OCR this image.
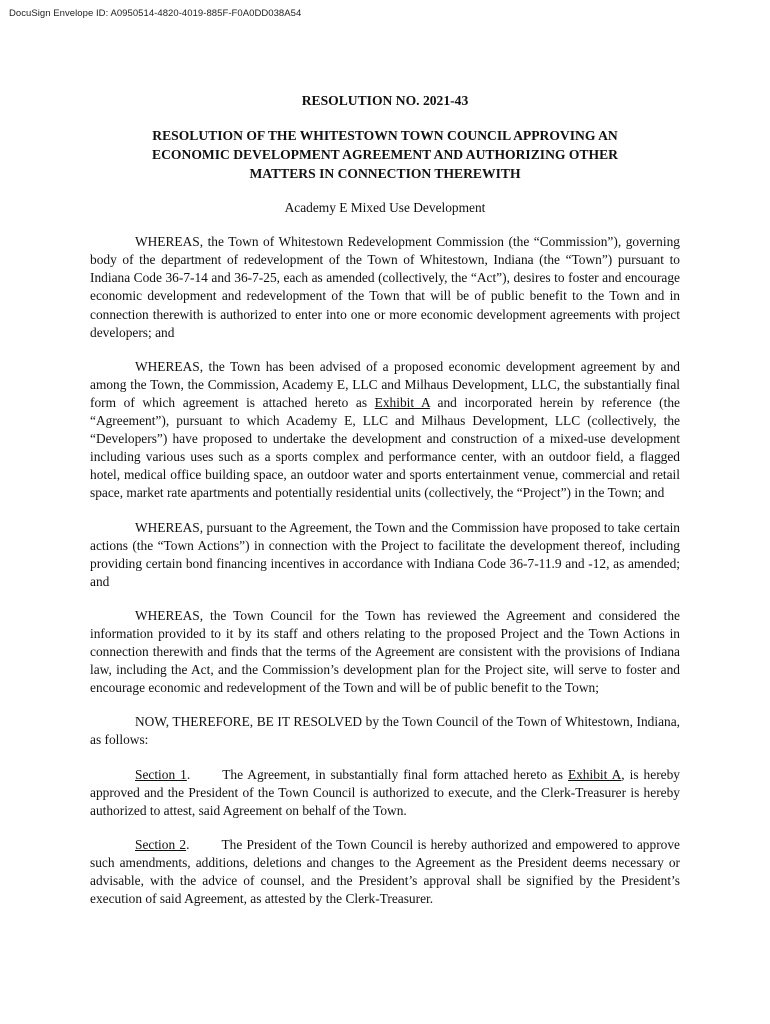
DocuSign Envelope ID: A0950514-4820-4019-885F-F0A0DD038A54
RESOLUTION NO. 2021-43
RESOLUTION OF THE WHITESTOWN TOWN COUNCIL APPROVING AN
ECONOMIC DEVELOPMENT AGREEMENT AND AUTHORIZING OTHER
MATTERS IN CONNECTION THEREWITH
Academy E Mixed Use Development

WHEREAS, the Town of Whitestown Redevelopment Commission (the “Commission”), governing body of the department of redevelopment of the Town of Whitestown, Indiana (the “Town”) pursuant to Indiana Code 36-7-14 and 36-7-25, each as amended (collectively, the “Act”), desires to foster and encourage economic development and redevelopment of the Town that will be of public benefit to the Town and in connection therewith is authorized to enter into one or more economic development agreements with project developers; and

WHEREAS, the Town has been advised of a proposed economic development agreement by and among the Town, the Commission, Academy E, LLC and Milhaus Development, LLC, the substantially final form of which agreement is attached hereto as Exhibit A and incorporated herein by reference (the “Agreement”), pursuant to which Academy E, LLC and Milhaus Development, LLC (collectively, the “Developers”) have proposed to undertake the development and construction of a mixed-use development including various uses such as a sports complex and performance center, with an outdoor field, a flagged hotel, medical office building space, an outdoor water and sports entertainment venue, commercial and retail space, market rate apartments and potentially residential units (collectively, the “Project”) in the Town; and

WHEREAS, pursuant to the Agreement, the Town and the Commission have proposed to take certain actions (the “Town Actions”) in connection with the Project to facilitate the development thereof, including providing certain bond financing incentives in accordance with Indiana Code 36-7-11.9 and -12, as amended; and

WHEREAS, the Town Council for the Town has reviewed the Agreement and considered the information provided to it by its staff and others relating to the proposed Project and the Town Actions in connection therewith and finds that the terms of the Agreement are consistent with the provisions of Indiana law, including the Act, and the Commission’s development plan for the Project site, will serve to foster and encourage economic and redevelopment of the Town and will be of public benefit to the Town;

NOW, THEREFORE, BE IT RESOLVED by the Town Council of the Town of Whitestown, Indiana, as follows:

Section 1. The Agreement, in substantially final form attached hereto as Exhibit A, is hereby approved and the President of the Town Council is authorized to execute, and the Clerk-Treasurer is hereby authorized to attest, said Agreement on behalf of the Town.

Section 2. The President of the Town Council is hereby authorized and empowered to approve such amendments, additions, deletions and changes to the Agreement as the President deems necessary or advisable, with the advice of counsel, and the President’s approval shall be signified by the President’s execution of said Agreement, as attested by the Clerk-Treasurer.
